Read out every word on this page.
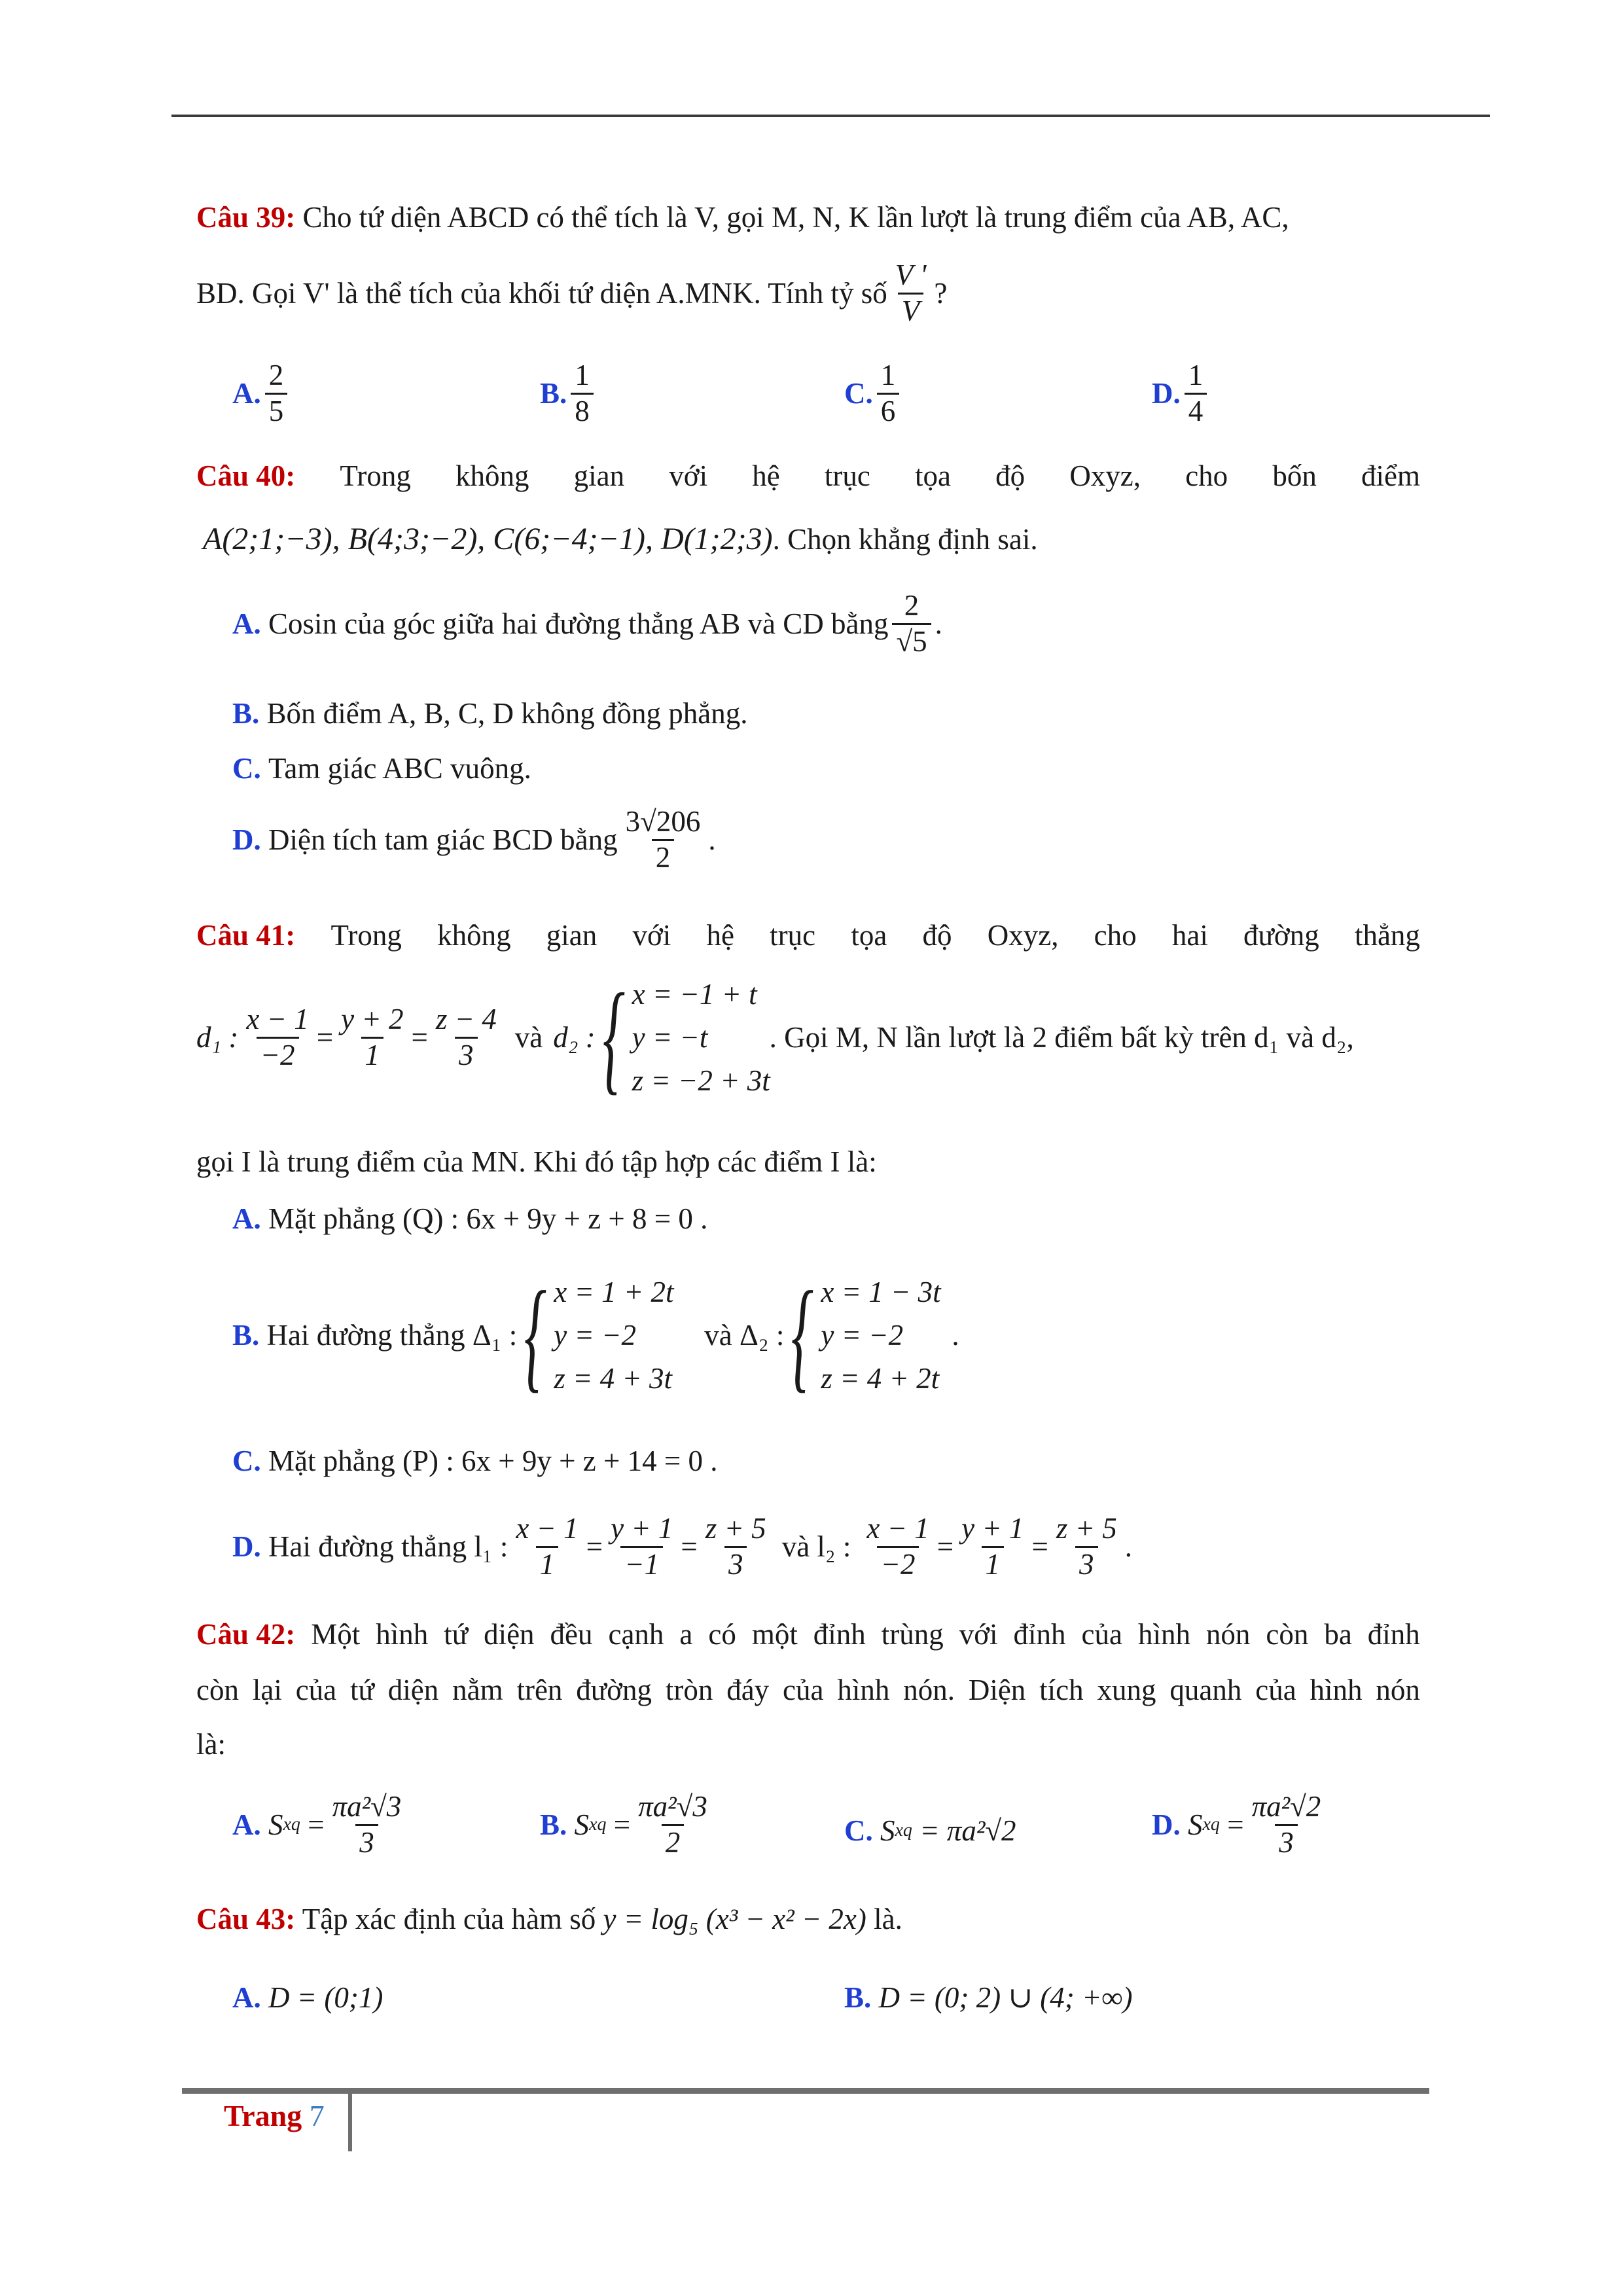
Câu 39: Cho tứ diện ABCD có thể tích là V, gọi M, N, K lần lượt là trung điểm của AB, AC,
BD. Gọi V' là thể tích của khối tứ diện A.MNK. Tính tỷ số $\frac{V '}{V}$ ?
A. $\frac{2}{5}$	B. $\frac{1}{8}$	C. $\frac{1}{6}$	D. $\frac{1}{4}$
Câu 40: Trong không gian với hệ trục tọa độ Oxyz, cho bốn điểm
A(2;1;−3), B(4;3;−2), C(6;−4;−1), D(1;2;3). Chọn khẳng định sai.
A.
Cosin của góc giữa hai đường thẳng AB và CD bằng $\frac{2}{√5}$ .
B. Bốn điểm A, B, C, D không đồng phẳng.
C. Tam giác ABC vuông.
D.
Diện tích tam giác BCD bằng $\frac{3√206}{2}$ .
Câu 41: Trong không gian với hệ trục tọa độ Oxyz, cho hai đường thẳng
d₁ : $\frac{x - 1}{-2} = \frac{y + 2}{1} = \frac{z - 4}{3}$ và d₂ : { x = −1 + t
y = −t
z = −2 + 3t
. Gọi M, N lần lượt là 2 điểm bất kỳ trên d₁ và d₂,
gọi I là trung điểm của MN. Khi đó tập hợp các điểm I là:
A. Mặt phẳng (Q) : 6x + 9y + z + 8 = 0 .
B.
Hai đường thẳng Δ₁ : { x = 1 + 2t
y = −2
z = 4 + 3t
và Δ₂ : { x = 1 − 3t
y = −2
z = 4 + 2t
.
C. Mặt phẳng (P) : 6x + 9y + z + 14 = 0 .
D.
Hai đường thẳng l₁ : $\frac{x - 1}{1} = \frac{y + 1}{-1} = \frac{z + 5}{3}$ và l₂ : $\frac{x - 1}{-2} = \frac{y + 1}{1} = \frac{z + 5}{3}$ .
Câu 42: Một hình tứ diện đều cạnh a có một đỉnh trùng với đỉnh của hình nón còn ba đỉnh
còn lại của tứ diện nằm trên đường tròn đáy của hình nón. Diện tích xung quanh của hình nón
là:
A.
S xq = $\frac{\text{πa²√3}}{3}$	B.
S xq = $\frac{\text{πa²√3}}{2}$	C.
S xq
= πa²√2	D.
S xq = $\frac{\text{πa²√2}}{3}$
Câu 43: Tập xác định của hàm số y = log₅ (x³ − x² − 2x) là.
A. D = (0;1)	B. D = (0; 2) ∪ (4; +∞)
Trang 7
